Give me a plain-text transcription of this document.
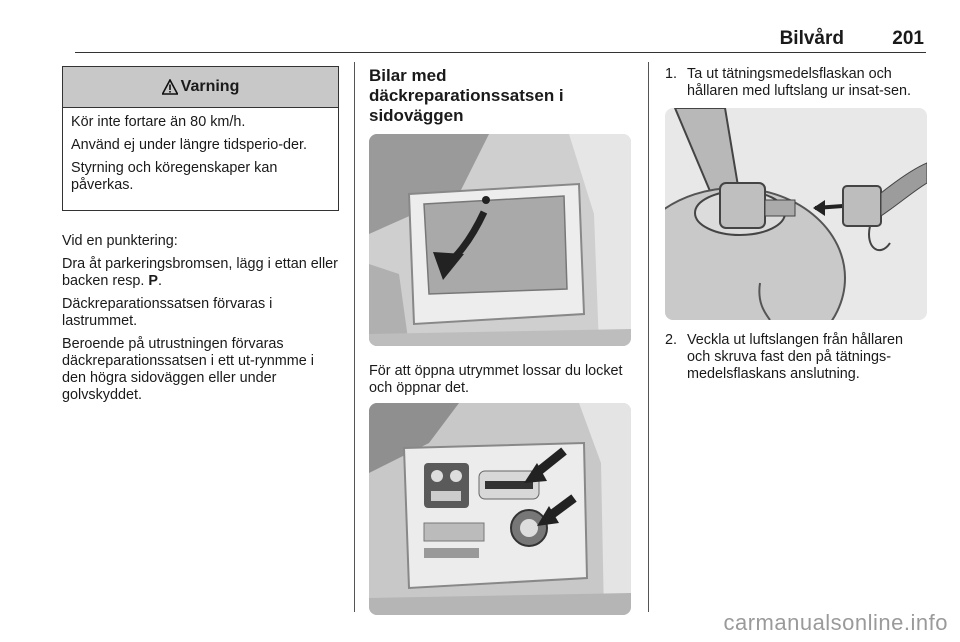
Bilvård	201
Varning

Kör inte fortare än 80 km/h.

Använd ej under längre tidsperio-der.

Styrning och köregenskaper kan påverkas.

Vid en punktering:

Dra åt parkeringsbromsen, lägg i ettan eller backen resp. P.

Däckreparationssatsen förvaras i lastrummet.

Beroende på utrustningen förvaras däckreparationssatsen i ett ut-rynmme i den högra sidoväggen eller under golvskyddet.

Bilar med däckreparationssatsen i sidoväggen

För att öppna utrymmet lossar du locket och öppnar det.

1. Ta ut tätningsmedelsflaskan och hållaren med luftslang ur insat-sen.
2. Veckla ut luftslangen från hållaren och skruva fast den på tätnings-medelsflaskans anslutning.
carmanualsonline.info
